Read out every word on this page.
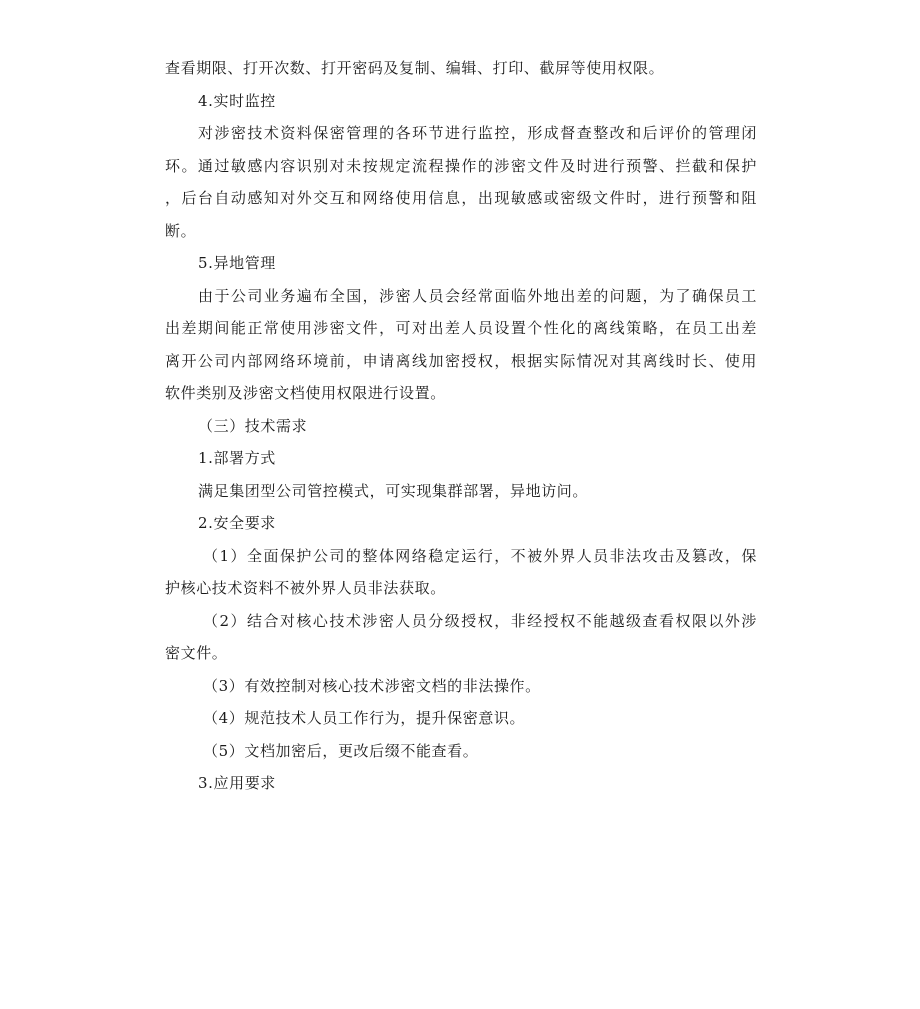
查看期限、打开次数、打开密码及复制、编辑、打印、截屏等使用权限。
4.实时监控
对涉密技术资料保密管理的各环节进行监控，形成督查整改和后评价的管理闭
环。通过敏感内容识别对未按规定流程操作的涉密文件及时进行预警、拦截和保护
，后台自动感知对外交互和网络使用信息，出现敏感或密级文件时，进行预警和阻
断。
5.异地管理
由于公司业务遍布全国，涉密人员会经常面临外地出差的问题，为了确保员工
出差期间能正常使用涉密文件，可对出差人员设置个性化的离线策略，在员工出差
离开公司内部网络环境前，申请离线加密授权，根据实际情况对其离线时长、使用
软件类别及涉密文档使用权限进行设置。
（三）技术需求
1.部署方式
满足集团型公司管控模式，可实现集群部署，异地访问。
2.安全要求
（1）全面保护公司的整体网络稳定运行，不被外界人员非法攻击及篡改，保
护核心技术资料不被外界人员非法获取。
（2）结合对核心技术涉密人员分级授权，非经授权不能越级查看权限以外涉
密文件。
（3）有效控制对核心技术涉密文档的非法操作。
（4）规范技术人员工作行为，提升保密意识。
（5）文档加密后，更改后缀不能查看。
3.应用要求
